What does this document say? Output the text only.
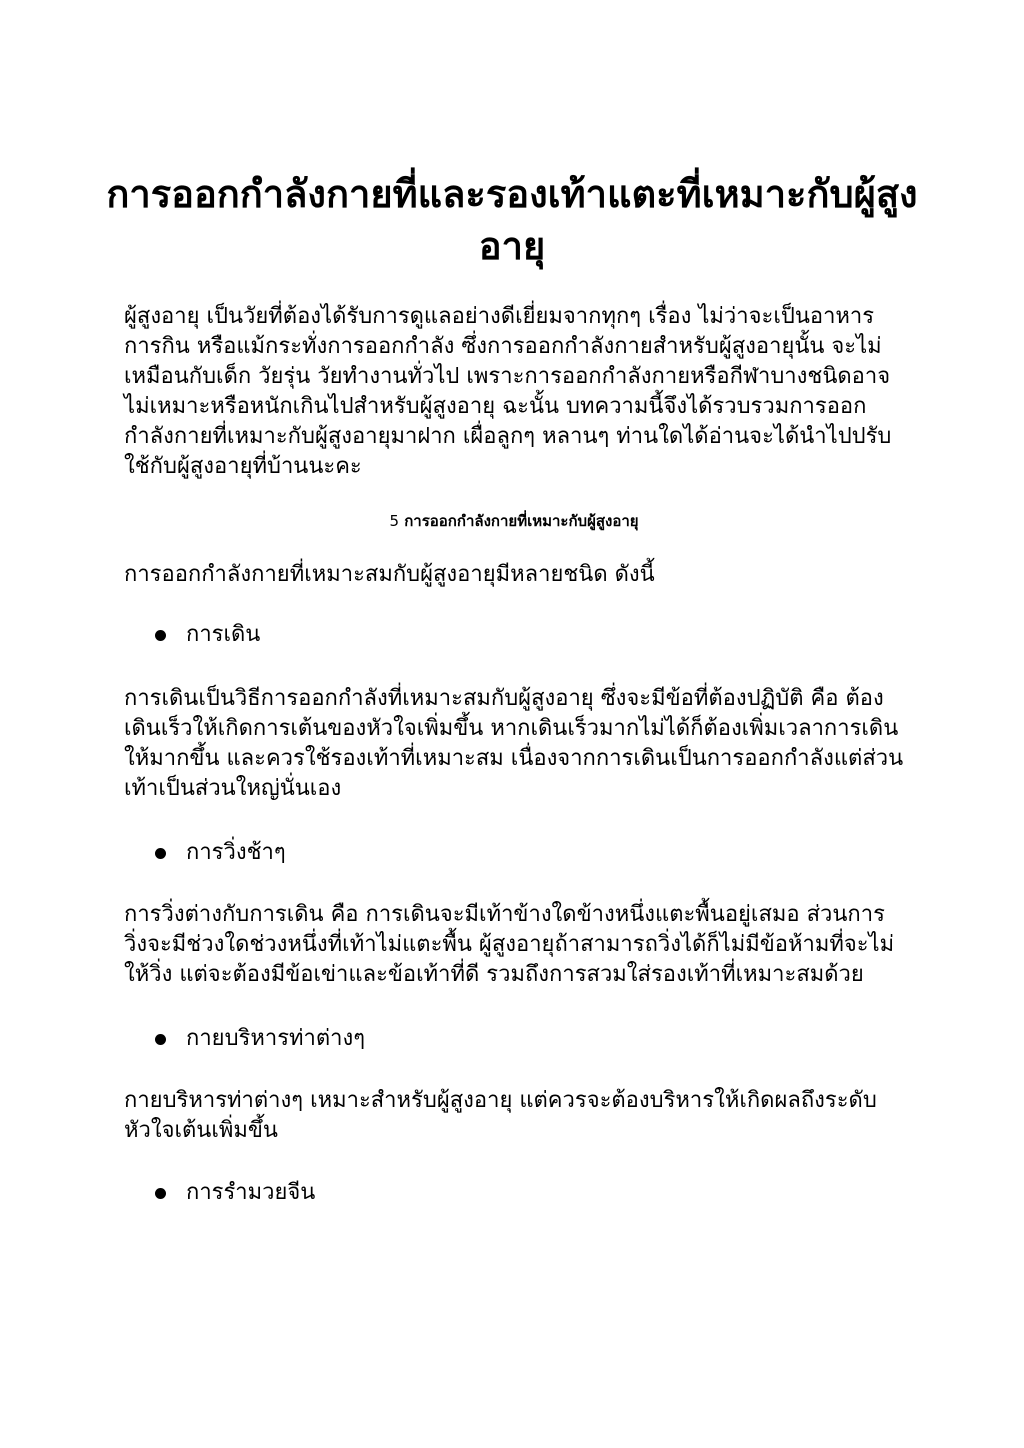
การออกกำลังกายที่และรองเท้าแตะที่เหมาะกับผู้สูงอายุ

ผู้สูงอายุ เป็นวัยที่ต้องได้รับการดูแลอย่างดีเยี่ยมจากทุกๆ เรื่อง ไม่ว่าจะเป็นอาหารการกิน หรือแม้กระทั่งการออกกำลัง ซึ่งการออกกำลังกายสำหรับผู้สูงอายุนั้น จะไม่เหมือนกับเด็ก วัยรุ่น วัยทำงานทั่วไป เพราะการออกกำลังกายหรือกีฬาบางชนิดอาจไม่เหมาะหรือหนักเกินไปสำหรับผู้สูงอายุ ฉะนั้น บทความนี้จึงได้รวบรวมการออกกำลังกายที่เหมาะกับผู้สูงอายุมาฝาก เผื่อลูกๆ หลานๆ ท่านใดได้อ่านจะได้นำไปปรับใช้กับผู้สูงอายุที่บ้านนะคะ

5 การออกกำลังกายที่เหมาะกับผู้สูงอายุ

การออกกำลังกายที่เหมาะสมกับผู้สูงอายุมีหลายชนิด ดังนี้

การเดิน

การเดินเป็นวิธีการออกกำลังที่เหมาะสมกับผู้สูงอายุ ซึ่งจะมีข้อที่ต้องปฏิบัติ คือ ต้องเดินเร็วให้เกิดการเต้นของหัวใจเพิ่มขึ้น หากเดินเร็วมากไม่ได้ก็ต้องเพิ่มเวลาการเดินให้มากขึ้น และควรใช้รองเท้าที่เหมาะสม เนื่องจากการเดินเป็นการออกกำลังแต่ส่วนเท้าเป็นส่วนใหญ่นั่นเอง

การวิ่งช้าๆ

การวิ่งต่างกับการเดิน คือ การเดินจะมีเท้าข้างใดข้างหนึ่งแตะพื้นอยู่เสมอ ส่วนการวิ่งจะมีช่วงใดช่วงหนึ่งที่เท้าไม่แตะพื้น ผู้สูงอายุถ้าสามารถวิ่งได้ก็ไม่มีข้อห้ามที่จะไม่ให้วิ่ง แต่จะต้องมีข้อเข่าและข้อเท้าที่ดี รวมถึงการสวมใส่รองเท้าที่เหมาะสมด้วย

กายบริหารท่าต่างๆ

กายบริหารท่าต่างๆ เหมาะสำหรับผู้สูงอายุ แต่ควรจะต้องบริหารให้เกิดผลถึงระดับหัวใจเต้นเพิ่มขึ้น

การรำมวยจีน
